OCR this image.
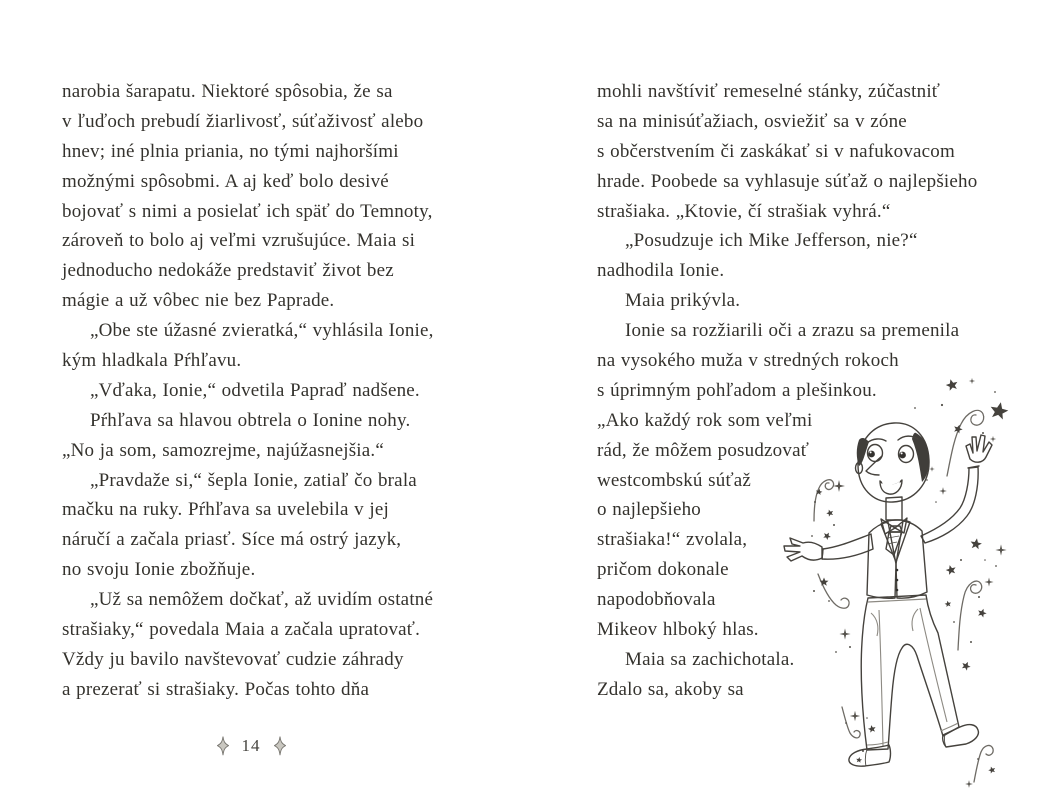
narobia šarapatu. Niektoré spôsobia, že sa
v ľuďoch prebudí žiarlivosť, súťaživosť alebo
hnev; iné plnia priania, no tými najhoršími
možnými spôsobmi. A aj keď bolo desivé
bojovať s nimi a posielať ich späť do Temnoty,
zároveň to bolo aj veľmi vzrušujúce. Maia si
jednoducho nedokáže predstaviť život bez
mágie a už vôbec nie bez Paprade.
„Obe ste úžasné zvieratká,“ vyhlásila Ionie,
kým hladkala Pŕhľavu.
„Vďaka, Ionie,“ odvetila Papraď nadšene.
Pŕhľava sa hlavou obtrela o Ionine nohy.
„No ja som, samozrejme, najúžasnejšia.“
„Pravdaže si,“ šepla Ionie, zatiaľ čo brala
mačku na ruky. Pŕhľava sa uvelebila v jej
náručí a začala priasť. Síce má ostrý jazyk,
no svoju Ionie zbožňuje.
„Už sa nemôžem dočkať, až uvidím ostatné
strašiaky,“ povedala Maia a začala upratovať.
Vždy ju bavilo navštevovať cudzie záhrady
a prezerať si strašiaky. Počas tohto dňa
mohli navštíviť remeselné stánky, zúčastniť
sa na minisúťažiach, osviežiť sa v zóne
s občerstvením či zaskákať si v nafukovacom
hrade. Poobede sa vyhlasuje súťaž o najlepšieho
strašiaka. „Ktovie, čí strašiak vyhrá.“
„Posudzuje ich Mike Jefferson, nie?“
nadhodila Ionie.
Maia prikývla.
Ionie sa rozžiarili oči a zrazu sa premenila
na vysokého muža v stredných rokoch
s úprimným pohľadom a plešinkou.
„Ako každý rok som veľmi
rád, že môžem posudzovať
westcombskú súťaž
o najlepšieho
strašiaka!“ zvolala,
pričom dokonale
napodobňovala
Mikeov hlboký hlas.
Maia sa zachichotala.
Zdalo sa, akoby sa
14
